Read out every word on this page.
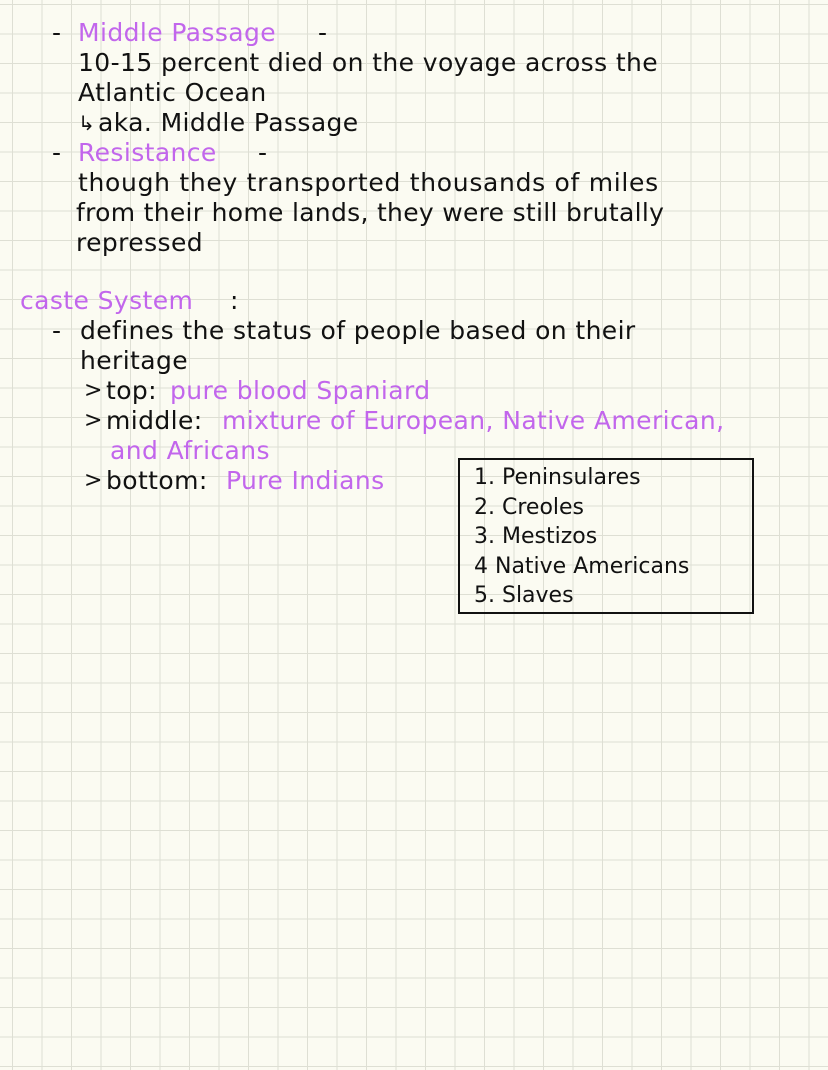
- Middle Passage -
10-15 percent died on the voyage across the
Atlantic Ocean
↳ aka. Middle Passage
- Resistance -
though they transported thousands of miles
from their home lands, they were still brutally
repressed
caste System :
- defines the status of people based on their
heritage
> top: pure blood Spaniard
> middle: mixture of European, Native American,
and Africans
> bottom: Pure Indians	1. Peninsulares
2. Creoles
3. Mestizos
4 Native Americans
5. Slaves
